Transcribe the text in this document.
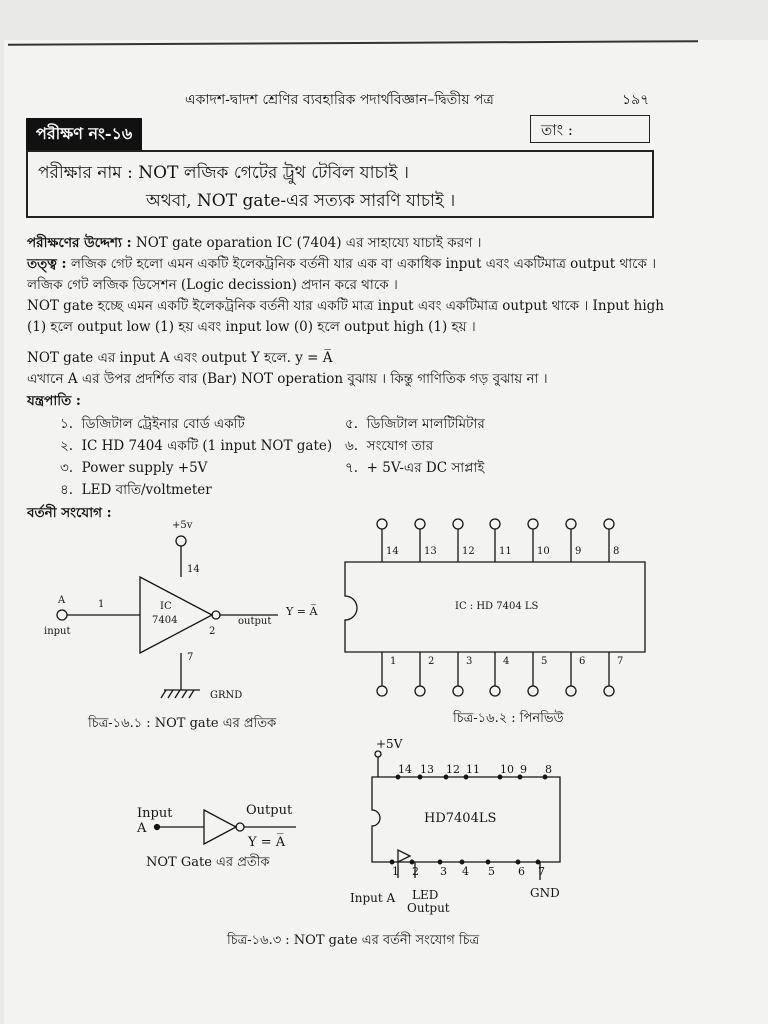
একাদশ-দ্বাদশ শ্রেণির ব্যবহারিক পদার্থবিজ্ঞান–দ্বিতীয় পত্র	১৯৭
পরীক্ষণ নং-১৬	তাং :
পরীক্ষার নাম : NOT লজিক গেটের ট্রুথ টেবিল যাচাই ।
অথবা, NOT gate-এর সত্যক সারণি যাচাই ।
পরীক্ষণের উদ্দেশ্য : NOT gate oparation IC (7404) এর সাহায্যে যাচাই করণ ।
তত্ত্ব : লজিক গেট হলো এমন একটি ইলেকট্রনিক বর্তনী যার এক বা একাধিক input এবং একটিমাত্র output থাকে ।
লজিক গেট লজিক ডিসেশন (Logic decission) প্রদান করে থাকে ।
NOT gate হচ্ছে এমন একটি ইলেকট্রনিক বর্তনী যার একটি মাত্র input এবং একটিমাত্র output থাকে । Input high
(1) হলে output low (1) হয় এবং input low (0) হলে output high (1) হয় ।
NOT gate এর input A এবং output Y হলে. y = A̅
এখানে A এর উপর প্রদর্শিত বার (Bar) NOT operation বুঝায় । কিন্তু গাণিতিক গড় বুঝায় না ।
যন্ত্রপাতি :
১. ডিজিটাল ট্রেইনার বোর্ড একটি
২. IC HD 7404 একটি (1 input NOT gate)
৩. Power supply +5V
৪. LED বাতি/voltmeter
৫. ডিজিটাল মালটিমিটার
৬. সংযোগ তার
৭. + 5V-এর DC সাপ্লাই
বর্তনী সংযোগ :
+5v
14
A	1
input
IC
7404
2
output
Y = A̅
7
GRND
চিত্র-১৬.১ : NOT gate এর প্রতিক
14	13	12 11	10	9	8
1	2	3	4	5	6	7
IC : HD 7404 LS
চিত্র-১৬.২ : পিনভিউ
Input
A
Output
Y = A̅
NOT Gate এর প্রতীক
14 13 12 11 10 9 8
1 2 3 4 5 6 7
+5V
HD7404LS
Input A LED
Output
GND
চিত্র-১৬.৩ : NOT gate এর বর্তনী সংযোগ চিত্র
